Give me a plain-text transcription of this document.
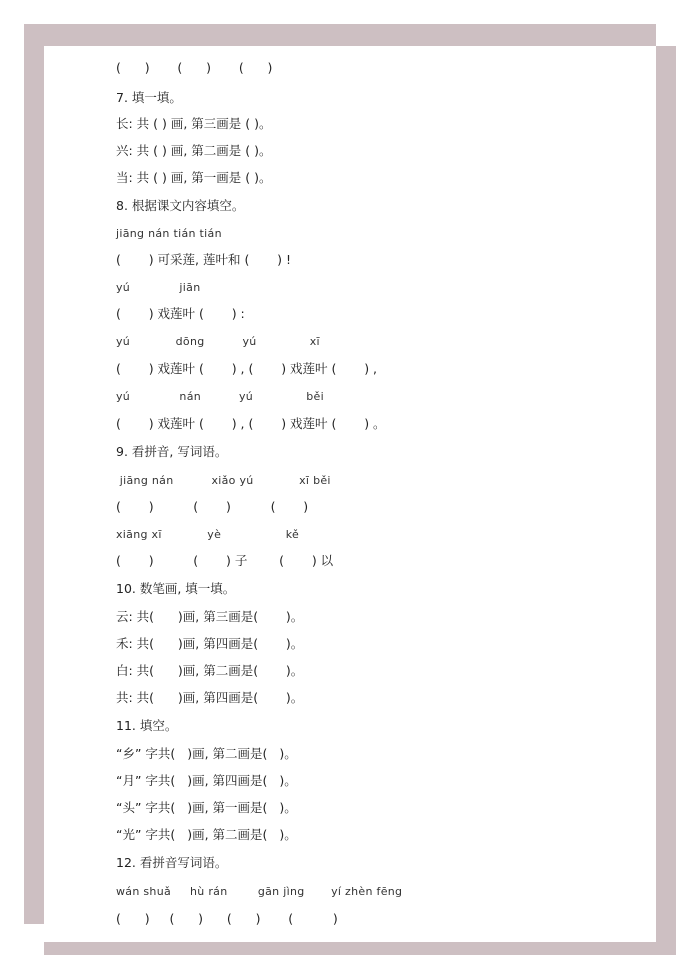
(      )       (      )       (      )
7. 填一填。
长: 共 ( ) 画, 第三画是 ( )。
兴: 共 ( ) 画, 第二画是 ( )。
当: 共 ( ) 画, 第一画是 ( )。
8. 根据课文内容填空。
jiāng nán tián tián
(       ) 可采莲, 莲叶和 (       ) !
yú             jiān
(       ) 戏莲叶 (       ) :
yú            dōng          yú              xī
(       ) 戏莲叶 (       ) , (       ) 戏莲叶 (       ) ,
yú             nán          yú              běi
(       ) 戏莲叶 (       ) , (       ) 戏莲叶 (       ) 。
9. 看拼音, 写词语。
jiāng nán          xiǎo yú            xī běi
(       )          (       )          (       )
xiāng xī            yè                 kě
(       )          (       ) 子        (       ) 以
10. 数笔画, 填一填。
云: 共(      )画, 第三画是(       )。
禾: 共(      )画, 第四画是(       )。
白: 共(      )画, 第二画是(       )。
共: 共(      )画, 第四画是(       )。
11. 填空。
“乡” 字共(   )画, 第二画是(   )。
“月” 字共(   )画, 第四画是(   )。
“头” 字共(   )画, 第一画是(   )。
“光” 字共(   )画, 第二画是(   )。
12. 看拼音写词语。
wán shuǎ     hù rán        gān jìng       yí zhèn fēng
(      )     (      )      (      )       (          )
